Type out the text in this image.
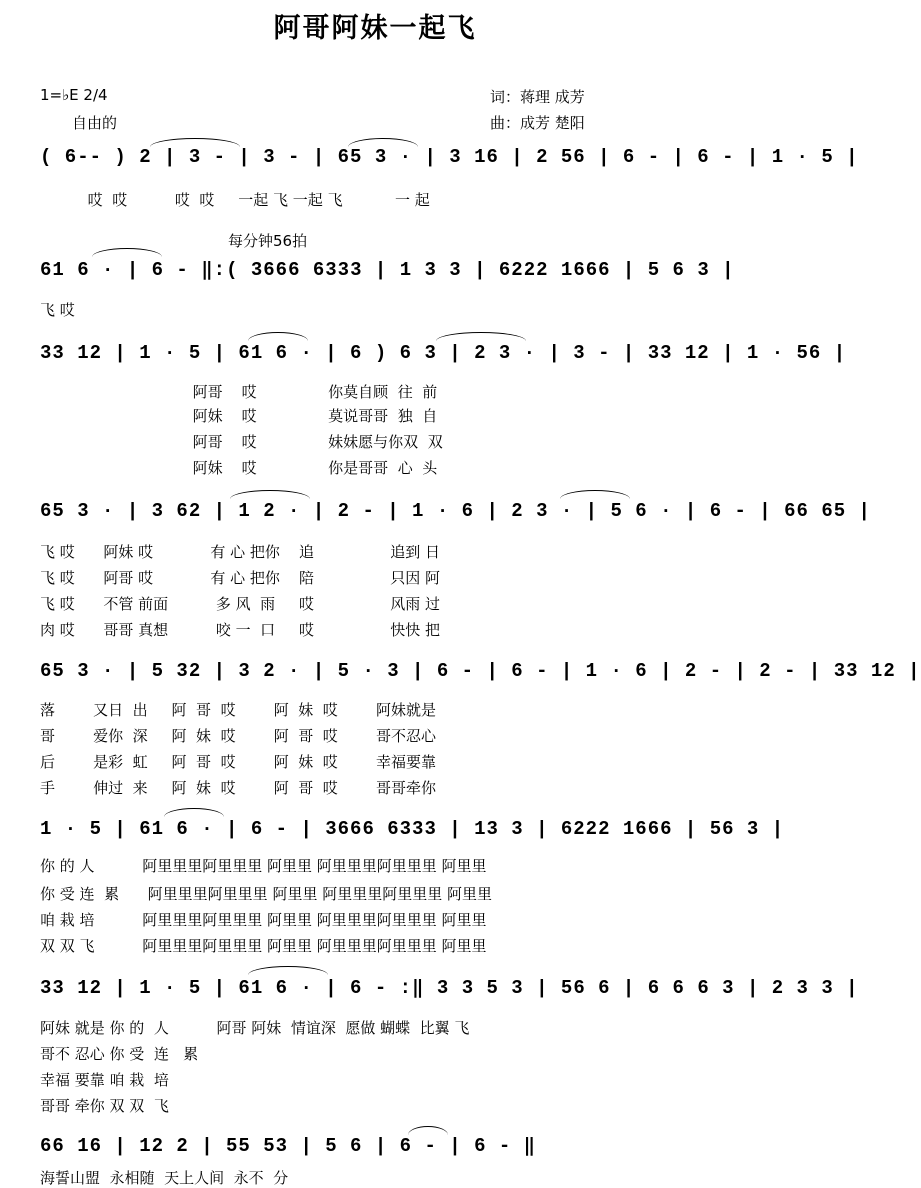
阿哥阿妹一起飞
1=♭E 2/4
自由的
词：蒋理 成芳
曲：成芳 楚阳
每分钟56拍
( 6-- ) 2 | 3 - | 3 - | 65 3 · | 3 16 | 2 56 | 6 - | 6 - | 1 · 5 |
哎  哎          哎  哎     一起 飞 一起 飞           一 起
61 6 · | 6 - ‖:( 3666 6333 | 1 3 3 | 6222 1666 | 5 6 3 |
飞 哎
33 12 | 1 · 5 | 61 6 · | 6 ) 6 3 | 2 3 · | 3 - | 33 12 | 1 · 56 |
阿哥    哎               你莫自顾  往  前
阿妹    哎               莫说哥哥  独  自
阿哥    哎               妹妹愿与你双  双
阿妹    哎               你是哥哥  心  头
65 3 · | 3 62 | 1 2 · | 2 - | 1 · 6 | 2 3 · | 5 6 · | 6 - | 66 65 |
飞 哎      阿妹 哎            有 心 把你    追                追到 日
飞 哎      阿哥 哎            有 心 把你    陪                只因 阿
飞 哎      不管 前面          多 风  雨     哎                风雨 过
肉 哎      哥哥 真想          咬 一  口     哎                快快 把
65 3 · | 5 32 | 3 2 · | 5 · 3 | 6 - | 6 - | 1 · 6 | 2 - | 2 - | 33 12 |
落        又日  出     阿  哥  哎        阿  妹  哎        阿妹就是
哥        爱你  深     阿  妹  哎        阿  哥  哎        哥不忍心
后        是彩  虹     阿  哥  哎        阿  妹  哎        幸福要靠
手        伸过  来     阿  妹  哎        阿  哥  哎        哥哥牵你
1 · 5 | 61 6 · | 6 - | 3666 6333 | 13 3 | 6222 1666 | 56 3 |
你 的 人          阿里里里阿里里里 阿里里 阿里里里阿里里里 阿里里
你 受 连  累      阿里里里阿里里里 阿里里 阿里里里阿里里里 阿里里
咱 栽 培          阿里里里阿里里里 阿里里 阿里里里阿里里里 阿里里
双 双 飞          阿里里里阿里里里 阿里里 阿里里里阿里里里 阿里里
33 12 | 1 · 5 | 61 6 · | 6 - :‖ 3 3 5 3 | 56 6 | 6 6 6 3 | 2 3 3 |
阿妹 就是 你 的  人          阿哥 阿妹  情谊深  愿做 蝴蝶  比翼 飞
哥不 忍心 你 受  连   累
幸福 要靠 咱 栽  培
哥哥 牵你 双 双  飞
66 16 | 12 2 | 55 53 | 5 6 | 6 - | 6 - ‖
海誓山盟  永相随  天上人间  永不  分
